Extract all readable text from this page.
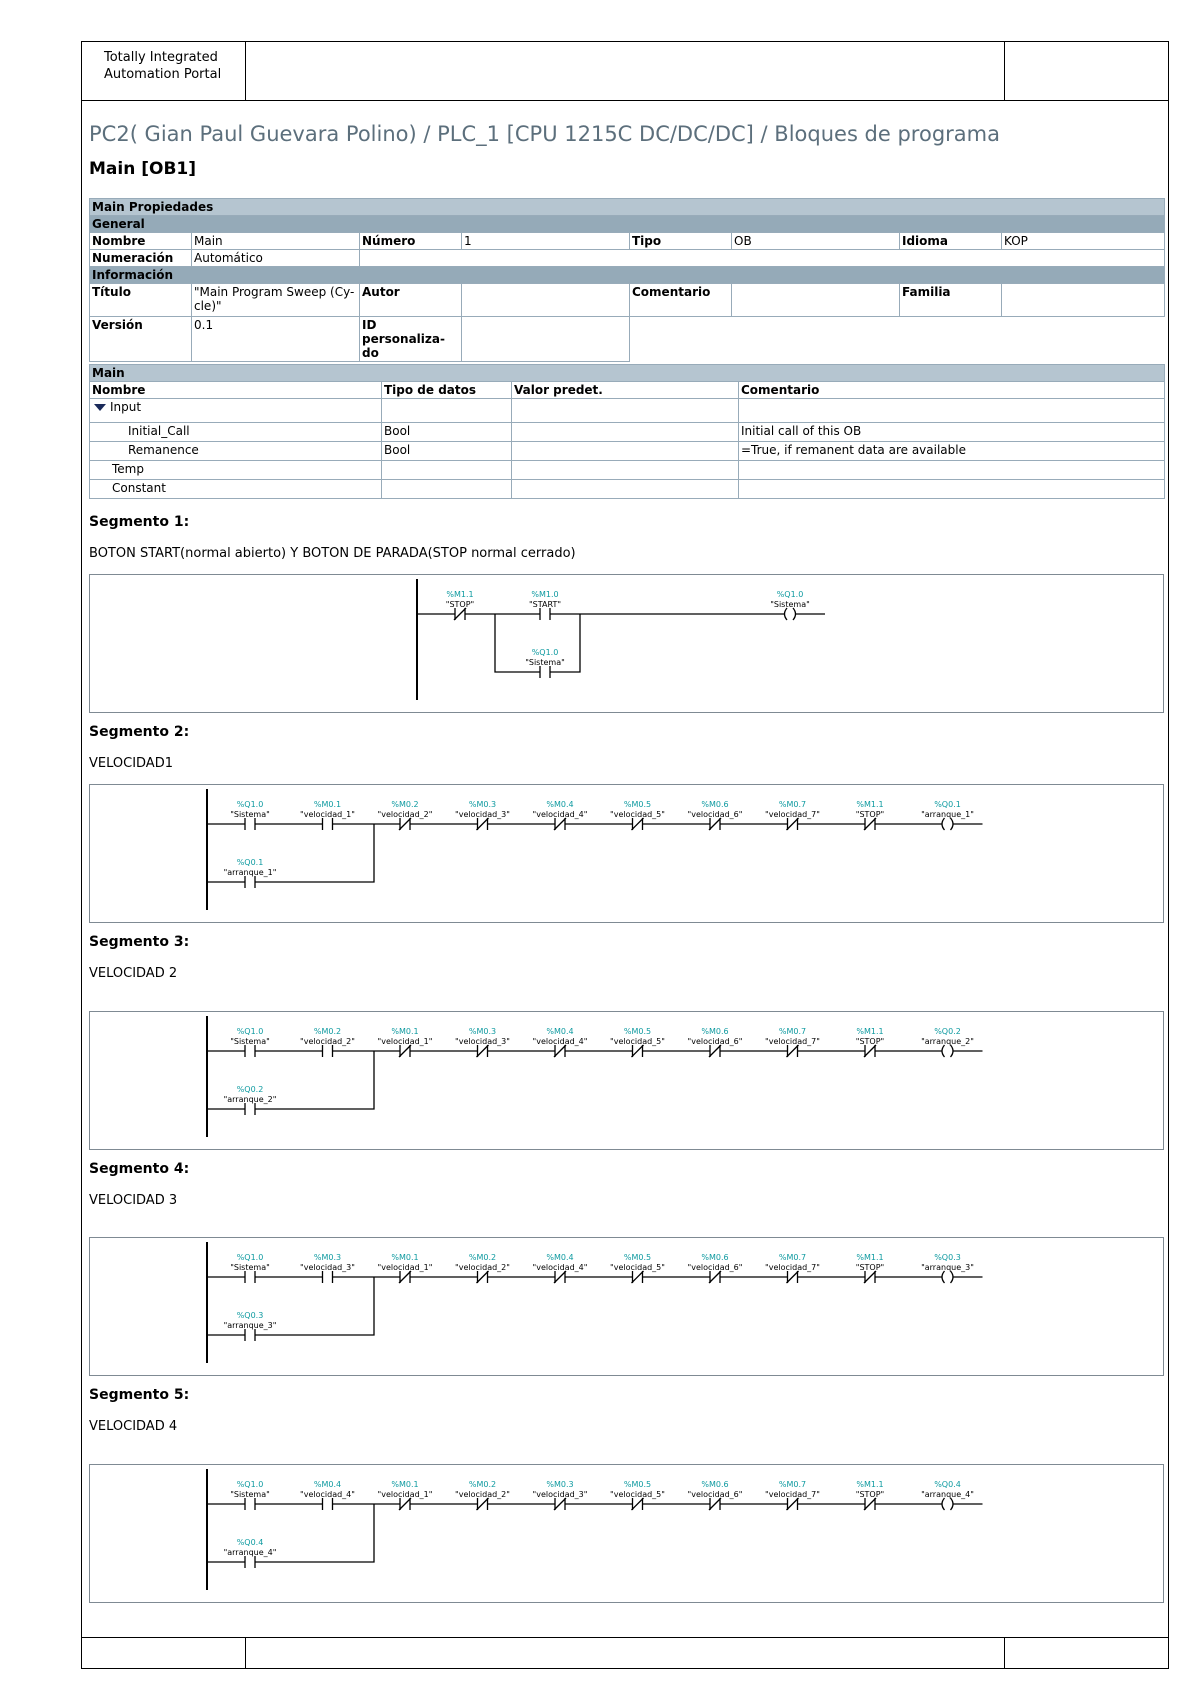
Totally Integrated
Automation Portal
PC2( Gian Paul Guevara Polino) / PLC_1 [CPU 1215C DC/DC/DC] / Bloques de programa
Main [OB1]
Main Propiedades							
General							
Nombre	Main	Número	1	Tipo	OB	Idioma	KOP
Numeración	Automático						
Información							
Título	"Main Program Sweep (Cy-cle)"	Autor		Comentario		Familia	
Versión	0.1	ID personaliza-do					
Main			
Nombre	Tipo de datos	Valor predet.	Comentario
Input			
Initial_Call	Bool		Initial call of this OB
Remanence	Bool		=True, if remanent data are available
Temp			
Constant			
Segmento 1:
BOTON START(normal abierto) Y BOTON DE PARADA(STOP normal cerrado)
%M1.1
"STOP"
%M1.0
"START"
%Q1.0
"Sistema"
%Q1.0
"Sistema"
Segmento 2:
VELOCIDAD1
%Q1.0
"Sistema"
%M0.1
"velocidad_1"
%M0.2
"velocidad_2"
%M0.3
"velocidad_3"
%M0.4
"velocidad_4"
%M0.5
"velocidad_5"
%M0.6
"velocidad_6"
%M0.7
"velocidad_7"
%M1.1
"STOP"
%Q0.1
"arranque_1"
%Q0.1
"arranque_1"
Segmento 3:
VELOCIDAD 2
%Q1.0
"Sistema"
%M0.2
"velocidad_2"
%M0.1
"velocidad_1"
%M0.3
"velocidad_3"
%M0.4
"velocidad_4"
%M0.5
"velocidad_5"
%M0.6
"velocidad_6"
%M0.7
"velocidad_7"
%M1.1
"STOP"
%Q0.2
"arranque_2"
%Q0.2
"arranque_2"
Segmento 4:
VELOCIDAD 3
%Q1.0
"Sistema"
%M0.3
"velocidad_3"
%M0.1
"velocidad_1"
%M0.2
"velocidad_2"
%M0.4
"velocidad_4"
%M0.5
"velocidad_5"
%M0.6
"velocidad_6"
%M0.7
"velocidad_7"
%M1.1
"STOP"
%Q0.3
"arranque_3"
%Q0.3
"arranque_3"
Segmento 5:
VELOCIDAD 4
%Q1.0
"Sistema"
%M0.4
"velocidad_4"
%M0.1
"velocidad_1"
%M0.2
"velocidad_2"
%M0.3
"velocidad_3"
%M0.5
"velocidad_5"
%M0.6
"velocidad_6"
%M0.7
"velocidad_7"
%M1.1
"STOP"
%Q0.4
"arranque_4"
%Q0.4
"arranque_4"
